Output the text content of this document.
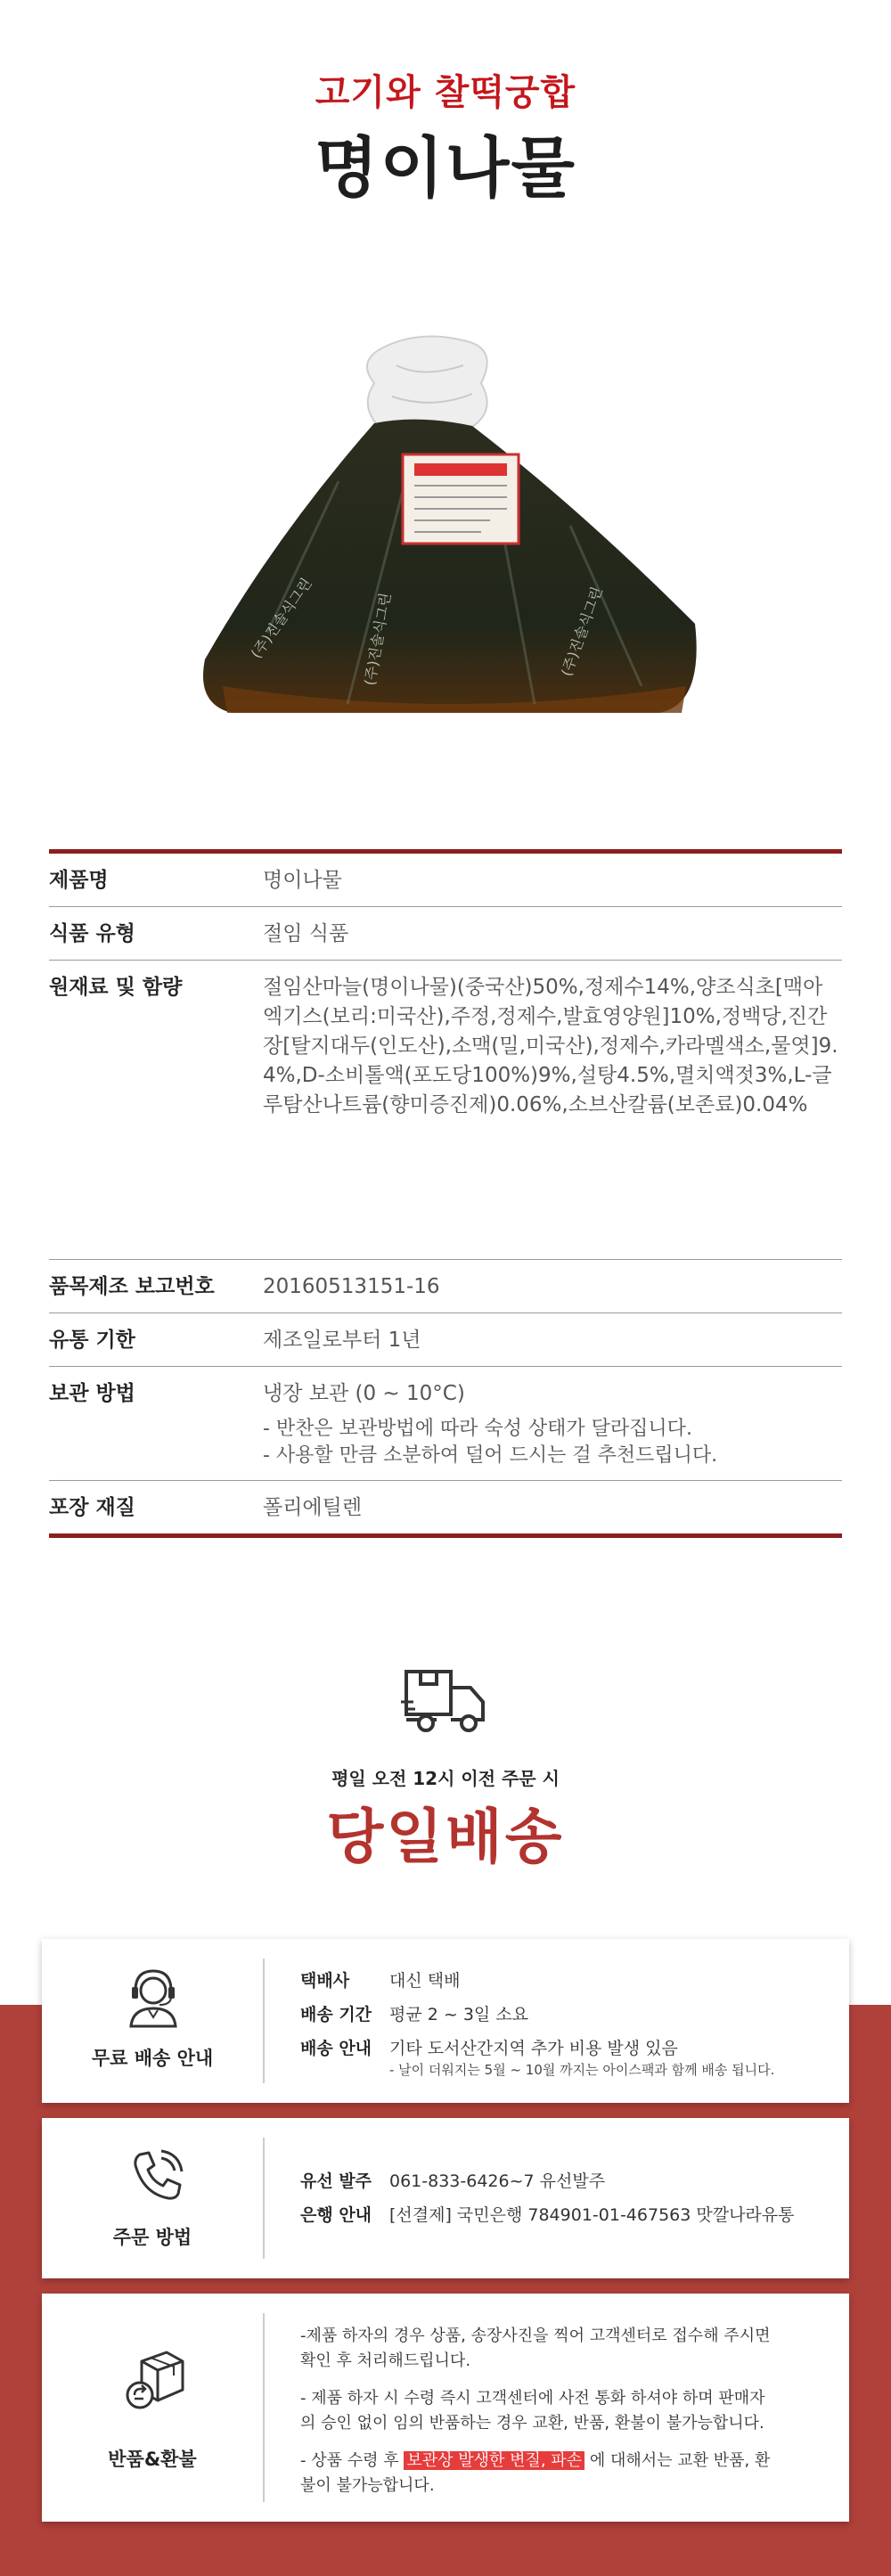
고기와 찰떡궁합
명이나물
(주)진솔식그린	(주)진솔식그린	(주)진솔식그린
제품명	명이나물
식품 유형	절임 식품
원재료 및 함량	절임산마늘(명이나물)(중국산)50%,정제수14%,양조식초[맥아엑기스(보리:미국산),주정,정제수,발효영양원]10%,정백당,진간장[탈지대두(인도산),소맥(밀,미국산),정제수,카라멜색소,물엿]9.4%,D-소비톨액(포도당100%)9%,설탕4.5%,멸치액젓3%,L-글루탐산나트륨(향미증진제)0.06%,소브산칼륨(보존료)0.04%
품목제조 보고번호	20160513151-16
유통 기한	제조일로부터 1년
보관 방법	냉장 보관 (0 ~ 10°C)
- 반찬은 보관방법에 따라 숙성 상태가 달라집니다.
- 사용할 만큼 소분하여 덜어 드시는 걸 추천드립니다.
포장 재질	폴리에틸렌
평일 오전 12시 이전 주문 시
당일배송
무료 배송 안내
택배사	대신 택배
배송 기간	평균 2 ~ 3일 소요
배송 안내	기타 도서산간지역 추가 비용 발생 있음
- 날이 더워지는 5월 ~ 10월 까지는 아이스팩과 함께 배송 됩니다.
주문 방법
유선 발주	061-833-6426~7 유선발주
은행 안내	[선결제] 국민은행 784901-01-467563 맛깔나라유통
반품&환불
-제품 하자의 경우 상품, 송장사진을 찍어 고객센터로 접수해 주시면 확인 후 처리해드립니다.
- 제품 하자 시 수령 즉시 고객센터에 사전 통화 하셔야 하며 판매자의 승인 없이 임의 반품하는 경우 교환, 반품, 환불이 불가능합니다.
- 상품 수령 후 보관상 발생한 변질, 파손 에 대해서는 교환 반품, 환불이 불가능합니다.
